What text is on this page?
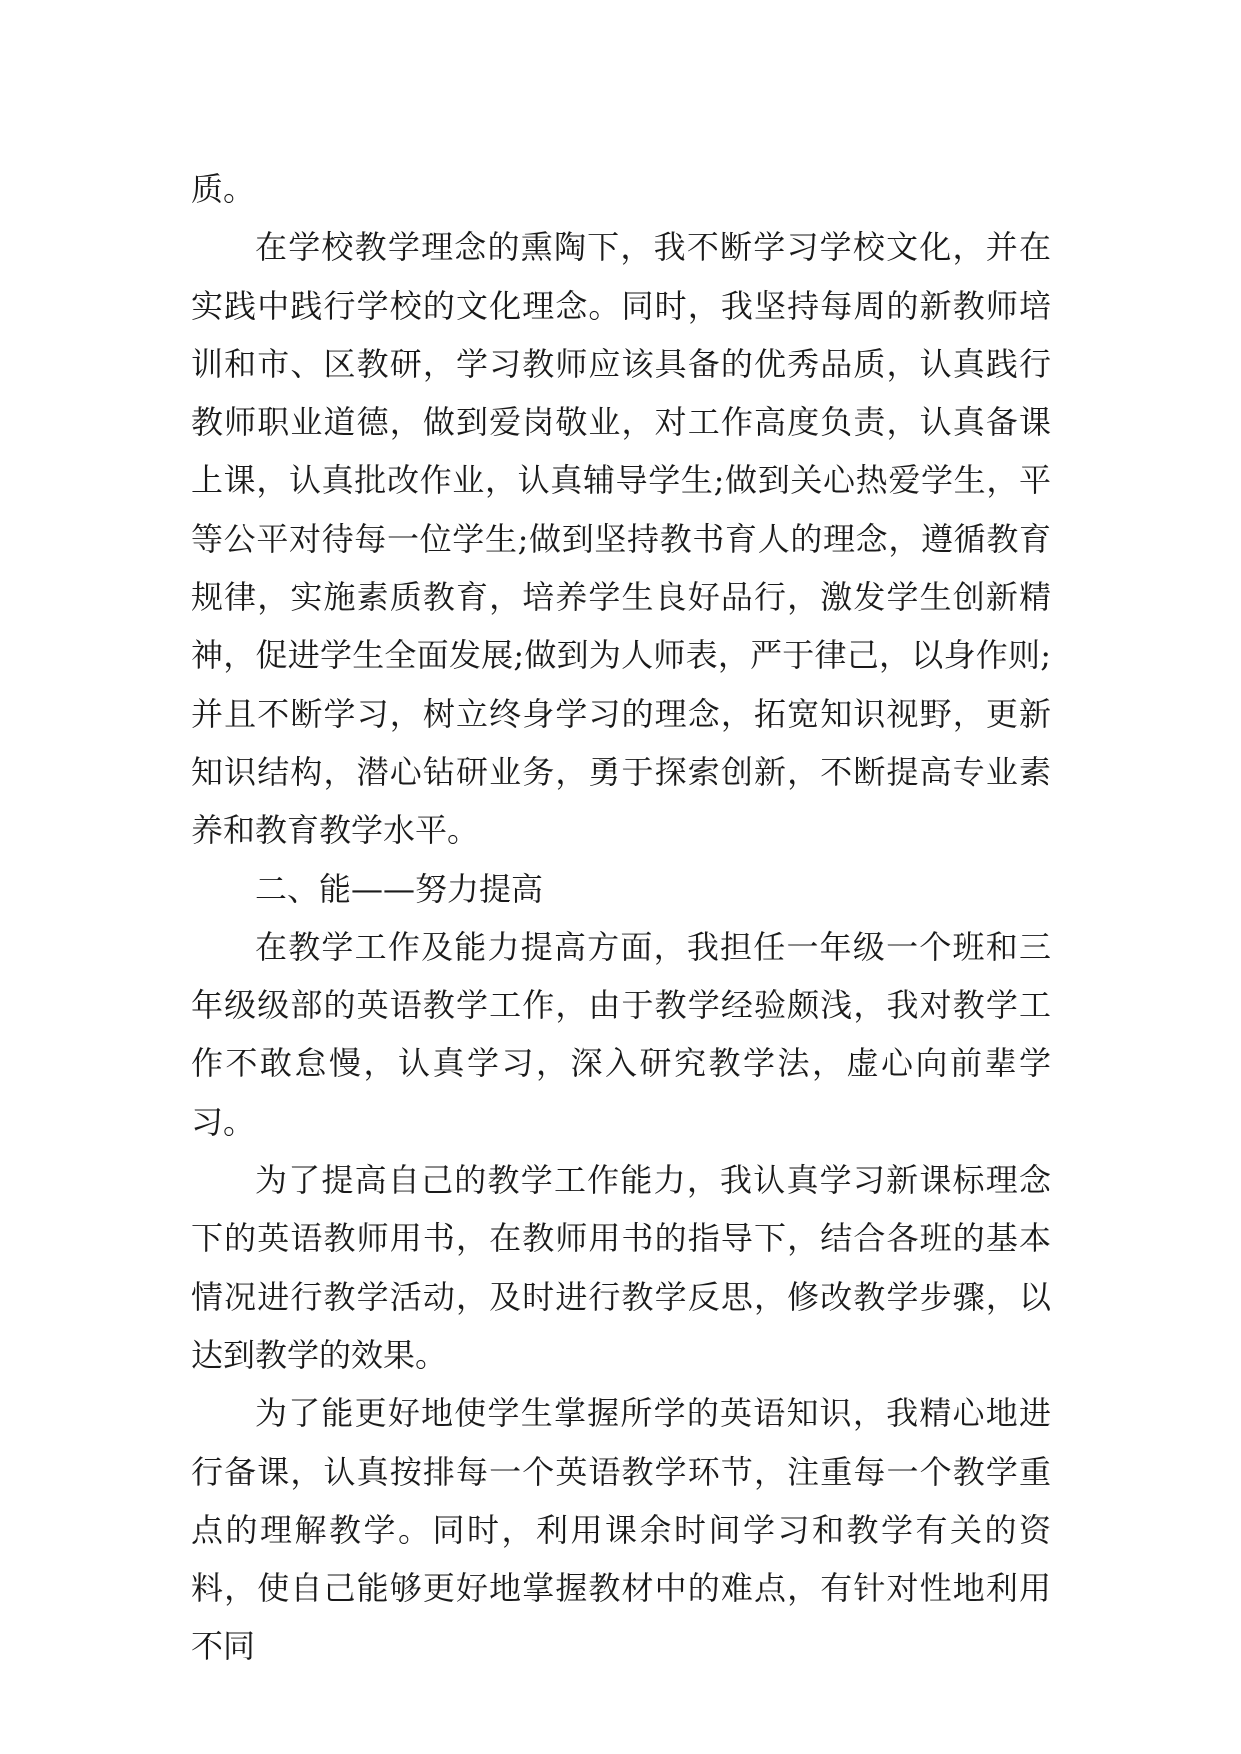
质。

在学校教学理念的熏陶下，我不断学习学校文化，并在实践中践行学校的文化理念。同时，我坚持每周的新教师培训和市、区教研，学习教师应该具备的优秀品质，认真践行教师职业道德，做到爱岗敬业，对工作高度负责，认真备课上课，认真批改作业，认真辅导学生;做到关心热爱学生，平等公平对待每一位学生;做到坚持教书育人的理念，遵循教育规律，实施素质教育，培养学生良好品行，激发学生创新精神，促进学生全面发展;做到为人师表，严于律己，以身作则;并且不断学习，树立终身学习的理念，拓宽知识视野，更新知识结构，潜心钻研业务，勇于探索创新，不断提高专业素养和教育教学水平。

二、能——努力提高

在教学工作及能力提高方面，我担任一年级一个班和三年级级部的英语教学工作，由于教学经验颇浅，我对教学工作不敢怠慢，认真学习，深入研究教学法，虚心向前辈学习。

为了提高自己的教学工作能力，我认真学习新课标理念下的英语教师用书，在教师用书的指导下，结合各班的基本情况进行教学活动，及时进行教学反思，修改教学步骤，以达到教学的效果。

为了能更好地使学生掌握所学的英语知识，我精心地进行备课，认真按排每一个英语教学环节，注重每一个教学重点的理解教学。同时，利用课余时间学习和教学有关的资料，使自己能够更好地掌握教材中的难点，有针对性地利用不同
